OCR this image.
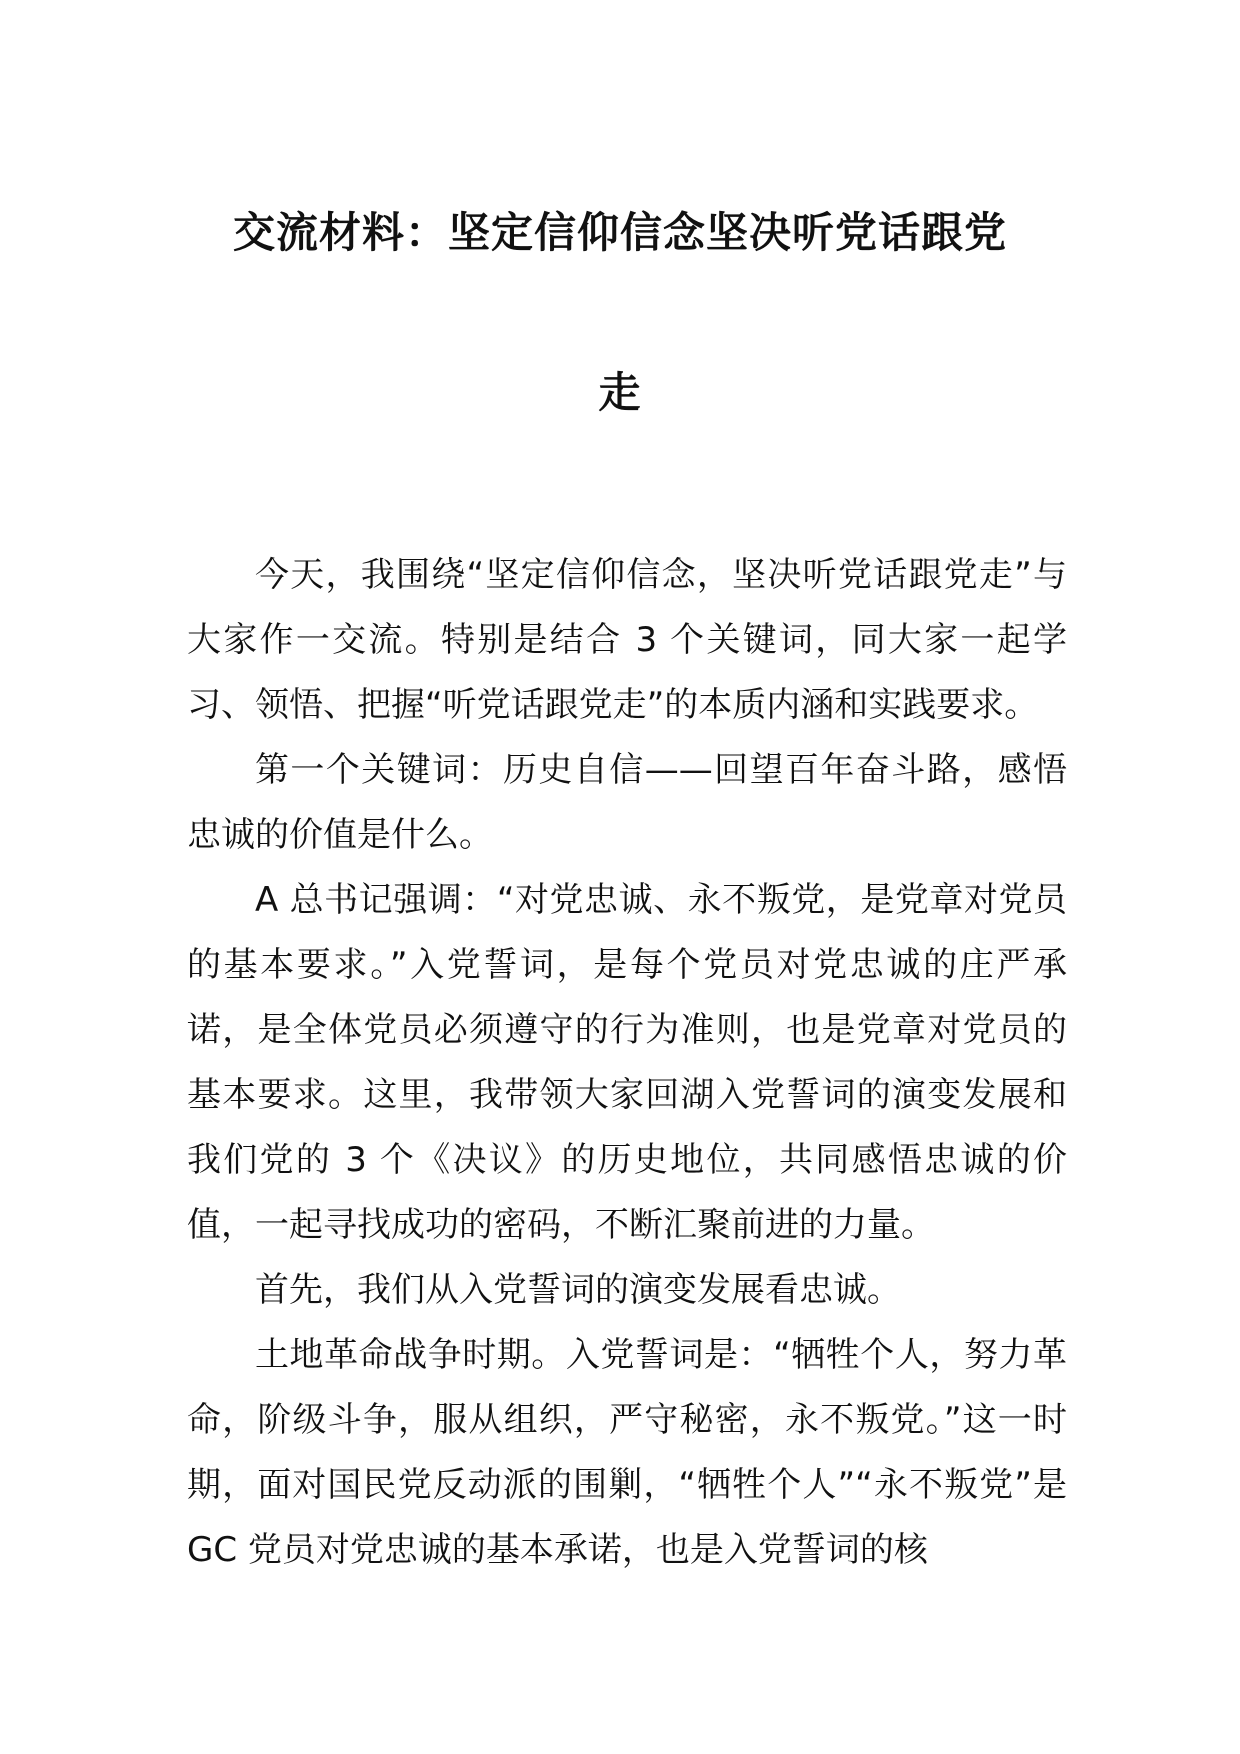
交流材料：坚定信仰信念坚决听党话跟党
走

今天，我围绕“坚定信仰信念，坚决听党话跟党走”与大家作一交流。特别是结合 3 个关键词，同大家一起学习、领悟、把握“听党话跟党走”的本质内涵和实践要求。

第一个关键词：历史自信——回望百年奋斗路，感悟忠诚的价值是什么。

A 总书记强调：“对党忠诚、永不叛党，是党章对党员的基本要求。”入党誓词，是每个党员对党忠诚的庄严承诺，是全体党员必须遵守的行为准则，也是党章对党员的基本要求。这里，我带领大家回湖入党誓词的演变发展和我们党的 3 个《决议》的历史地位，共同感悟忠诚的价值，一起寻找成功的密码，不断汇聚前进的力量。

首先，我们从入党誓词的演变发展看忠诚。

土地革命战争时期。入党誓词是：“牺牲个人，努力革命，阶级斗争，服从组织，严守秘密，永不叛党。”这一时期，面对国民党反动派的围剿，“牺牲个人”“永不叛党”是 GC 党员对党忠诚的基本承诺，也是入党誓词的核
